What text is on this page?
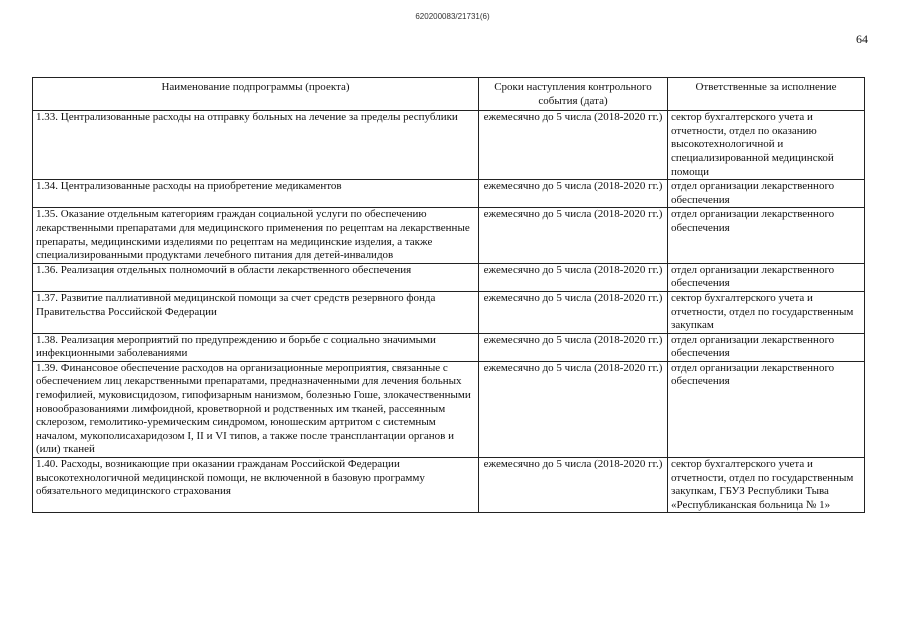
620200083/21731(6)
64
Наименование подпрограммы (проекта)	Сроки наступления контрольного события (дата)	Ответственные за исполнение
1.33. Централизованные расходы на отправку больных на лечение за пределы республики	ежемесячно до 5 числа (2018-2020 гг.)	сектор бухгалтерского учета и отчетности, отдел по оказанию высокотехнологичной и специализированной медицинской помощи
1.34. Централизованные расходы на приобретение медикаментов	ежемесячно до 5 числа (2018-2020 гг.)	отдел организации лекарственного обеспечения
1.35. Оказание отдельным категориям граждан социальной услуги по обеспечению лекарственными препаратами для медицинского применения по рецептам на лекарственные препараты, медицинскими изделиями по рецептам на медицинские изделия, а также специализированными продуктами лечебного питания для детей-инвалидов	ежемесячно до 5 числа (2018-2020 гг.)	отдел организации лекарственного обеспечения
1.36. Реализация отдельных полномочий в области лекарственного обеспечения	ежемесячно до 5 числа (2018-2020 гг.)	отдел организации лекарственного обеспечения
1.37. Развитие паллиативной медицинской помощи за счет средств резервного фонда Правительства Российской Федерации	ежемесячно до 5 числа (2018-2020 гг.)	сектор бухгалтерского учета и отчетности, отдел по государственным закупкам
1.38. Реализация мероприятий по предупреждению и борьбе с социально значимыми инфекционными заболеваниями	ежемесячно до 5 числа (2018-2020 гг.)	отдел организации лекарственного обеспечения
1.39. Финансовое обеспечение расходов на организационные мероприятия, связанные с обеспечением лиц лекарственными препаратами, предназначенными для лечения больных гемофилией, муковисцидозом, гипофизарным нанизмом, болезнью Гоше, злокачественными новообразованиями лимфоидной, кроветворной и родственных им тканей, рассеянным склерозом, гемолитико-уремическим синдромом, юношеским артритом с системным началом, мукополисахаридозом I, II и VI типов, а также после трансплантации органов и (или) тканей	ежемесячно до 5 числа (2018-2020 гг.)	отдел организации лекарственного обеспечения
1.40. Расходы, возникающие при оказании гражданам Российской Федерации высокотехнологичной медицинской помощи, не включенной в базовую программу обязательного медицинского страхования	ежемесячно до 5 числа (2018-2020 гг.)	сектор бухгалтерского учета и отчетности, отдел по государственным закупкам, ГБУЗ Республики Тыва «Республиканская больница № 1»
